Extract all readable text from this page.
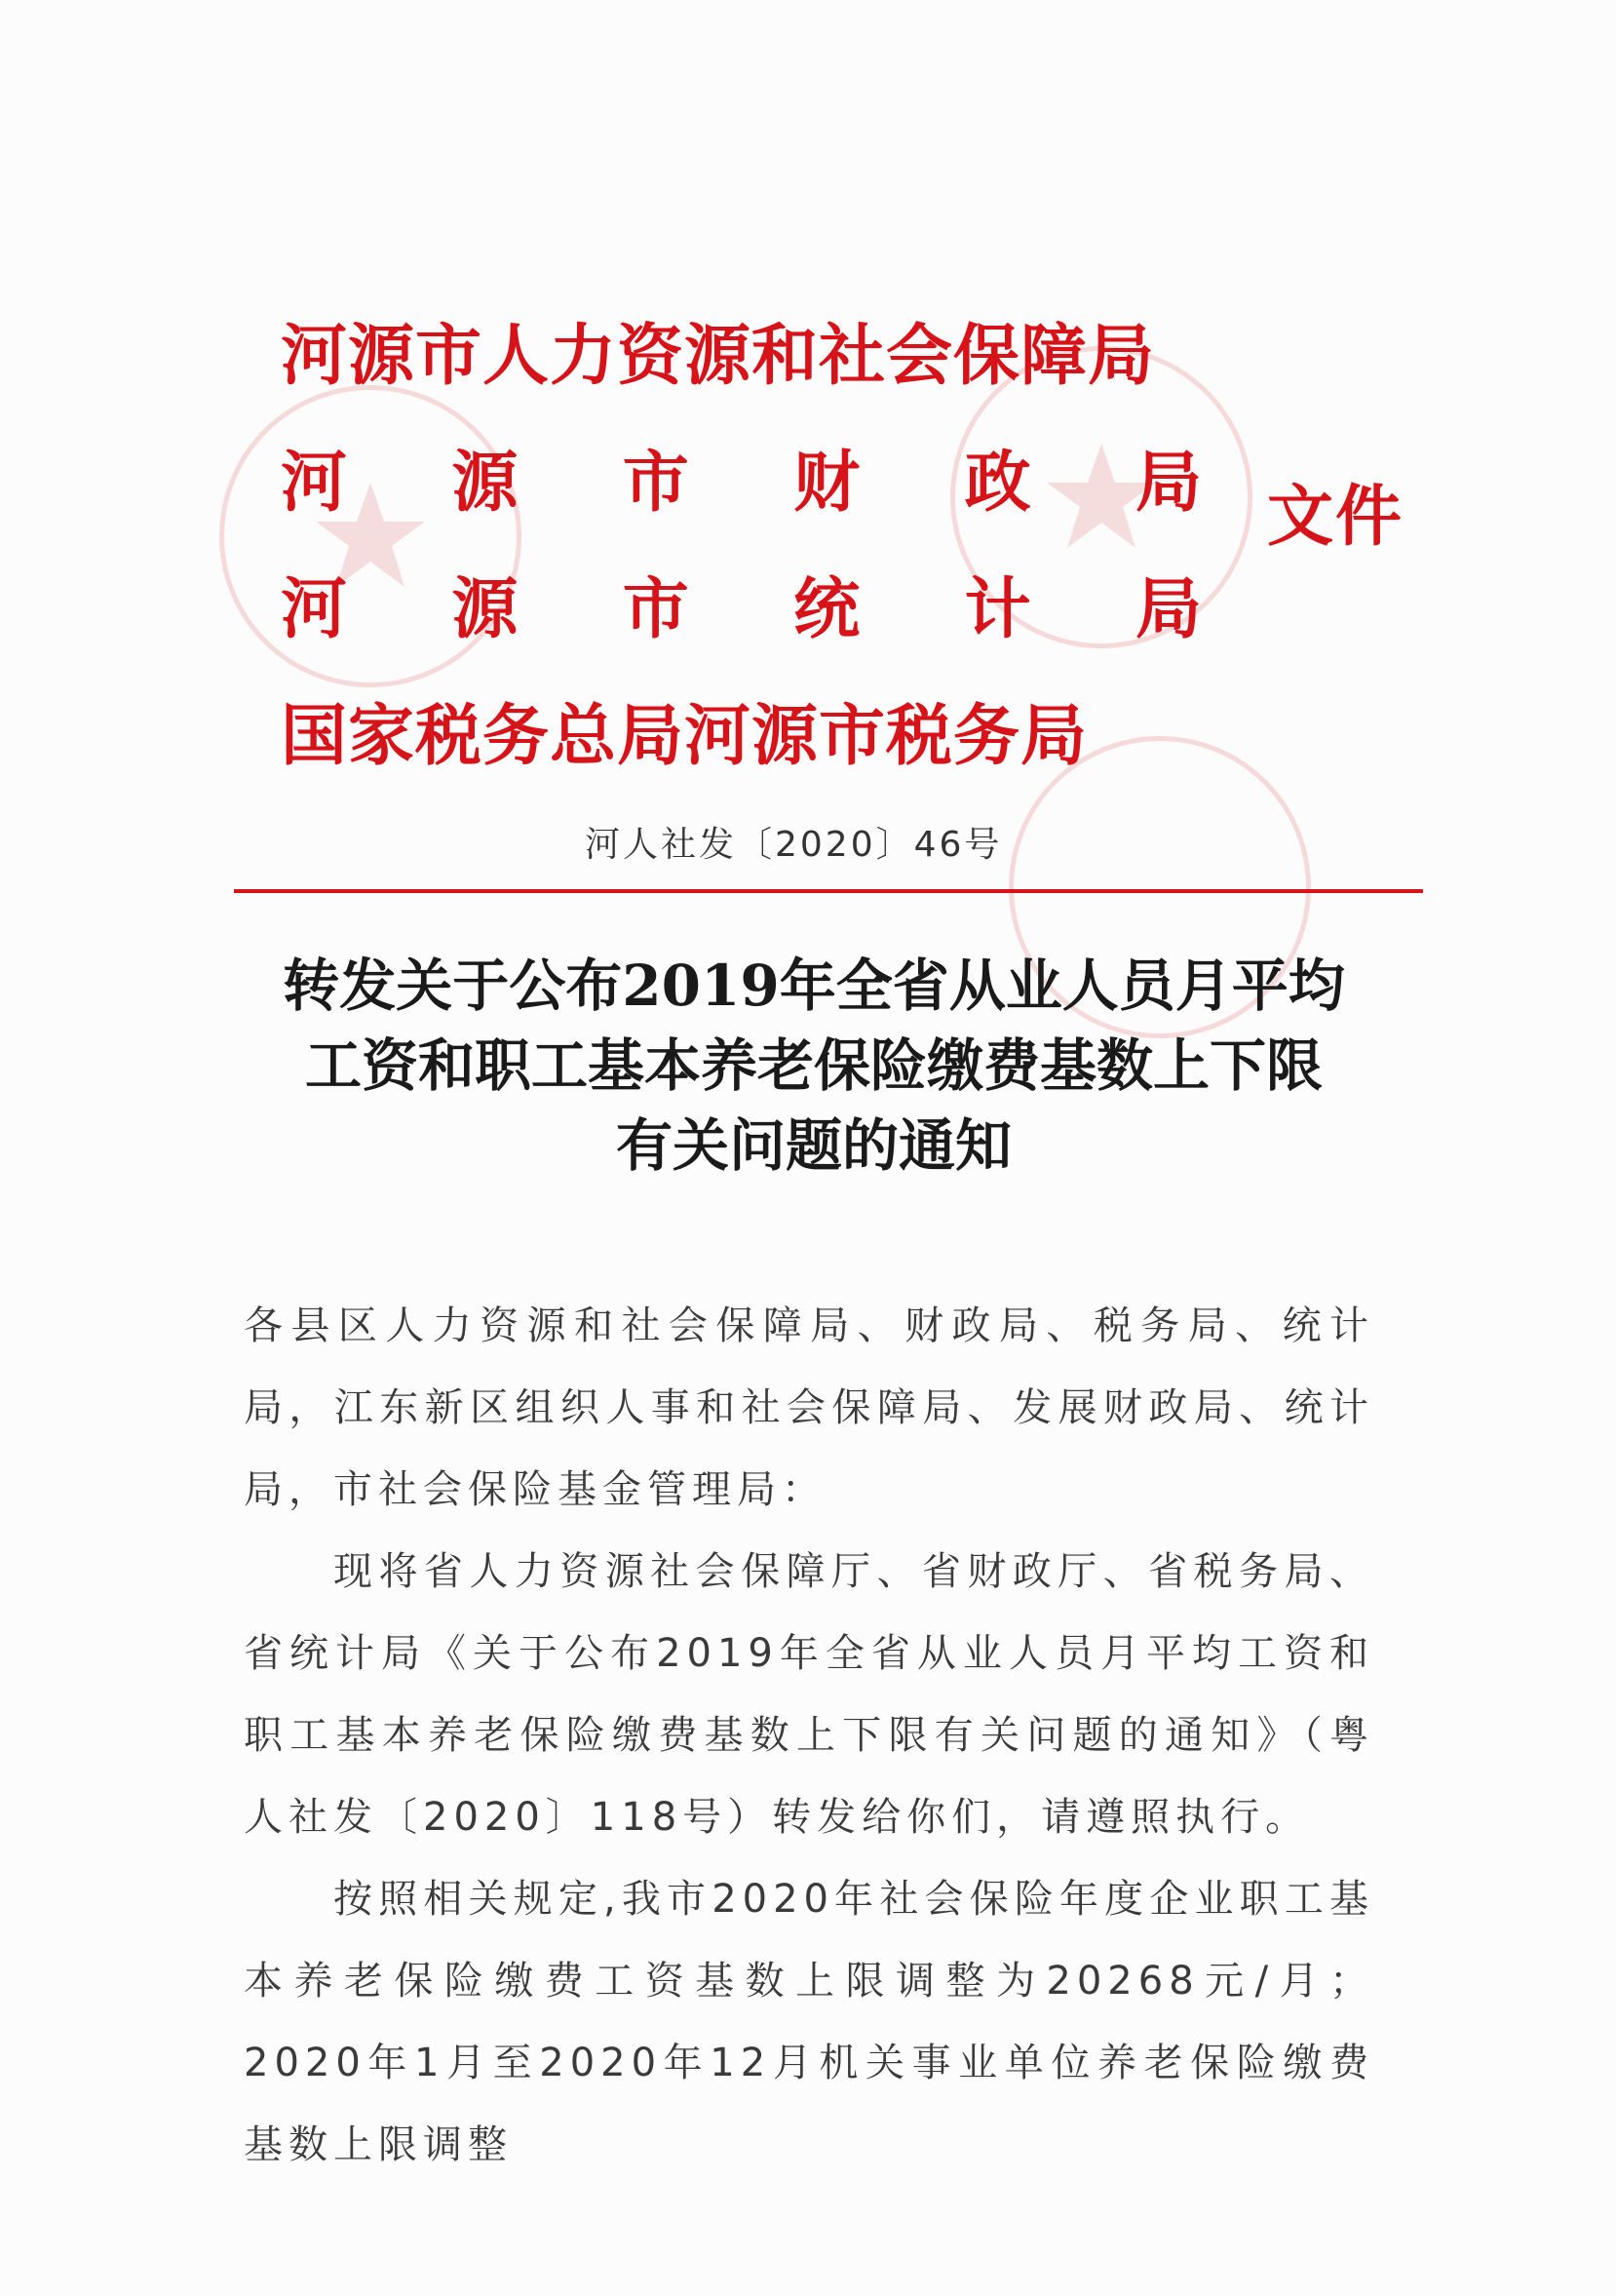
河源市人力资源和社会保障局
河 源 市 财 政 局
河 源 市 统 计 局
国家税务总局河源市税务局
文件
河人社发〔2020〕46号
转发关于公布2019年全省从业人员月平均
工资和职工基本养老保险缴费基数上下限
有关问题的通知
各县区人力资源和社会保障局、财政局、税务局、统计局，江东新区组织人事和社会保障局、发展财政局、统计局，市社会保险基金管理局：
现将省人力资源社会保障厅、省财政厅、省税务局、省统计局《关于公布2019年全省从业人员月平均工资和职工基本养老保险缴费基数上下限有关问题的通知》（粤人社发〔2020〕118号）转发给你们，请遵照执行。
按照相关规定,我市2020年社会保险年度企业职工基本养老保险缴费工资基数上限调整为20268元/月；2020年1月至2020年12月机关事业单位养老保险缴费基数上限调整
